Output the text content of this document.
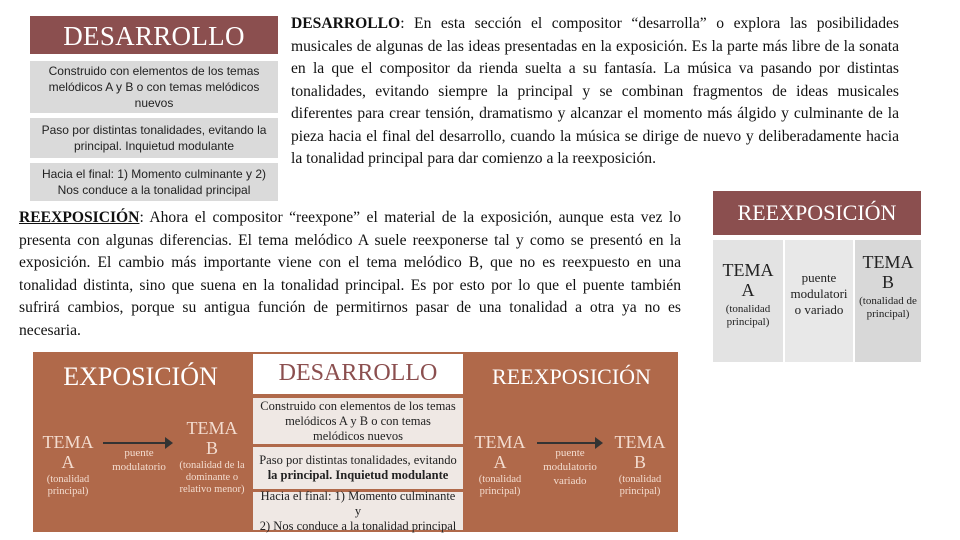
DESARROLLO
Construido con elementos de los temas melódicos A y B o con temas melódicos nuevos
Paso por distintas tonalidades, evitando la principal. Inquietud modulante
Hacia el final: 1) Momento culminante y 2) Nos conduce a la tonalidad principal

DESARROLLO: En esta sección el compositor “desarrolla” o explora las posibilidades musicales de algunas de las ideas presentadas en la exposición. Es la parte más libre de la sonata en la que el compositor da rienda suelta a su fantasía. La música va pasando por distintas tonalidades, evitando siempre la principal y se combinan fragmentos de ideas musicales diferentes para crear tensión, dramatismo y alcanzar el momento más álgido y culminante de la pieza hacia el final del desarrollo, cuando la música se dirige de nuevo y deliberadamente hacia la tonalidad principal para dar comienzo a la reexposición.

REEXPOSICIÓN: Ahora el compositor “reexpone” el material de la exposición, aunque esta vez lo presenta con algunas diferencias. El tema melódico A suele reexponerse tal y como se presentó en la exposición. El cambio más importante viene con el tema melódico B, que no es reexpuesto en una tonalidad distinta, sino que suena en la tonalidad principal. Es por esto por lo que el puente también sufrirá cambios, porque su antigua función de permitirnos pasar de una tonalidad a otra ya no es necesaria.

REEXPOSICIÓN
TEMA
A
(tonalidad principal)
puente
modulatori
o variado
TEMA
B
(tonalidad de principal)
EXPOSICIÓN	DESARROLLO	REEXPOSICIÓN
TEMA
A
(tonalidad principal)
puente modulatorio
TEMA
B
(tonalidad de la dominante o relativo menor)
Construido con elementos de los temas melódicos A y B o con temas melódicos nuevos
Paso por distintas tonalidades, evitando la principal. Inquietud modulante
Hacia el final: 1) Momento culminante y
2) Nos conduce a la tonalidad principal
TEMA
A
(tonalidad principal)
puente modulatorio variado
TEMA
B
(tonalidad principal)
